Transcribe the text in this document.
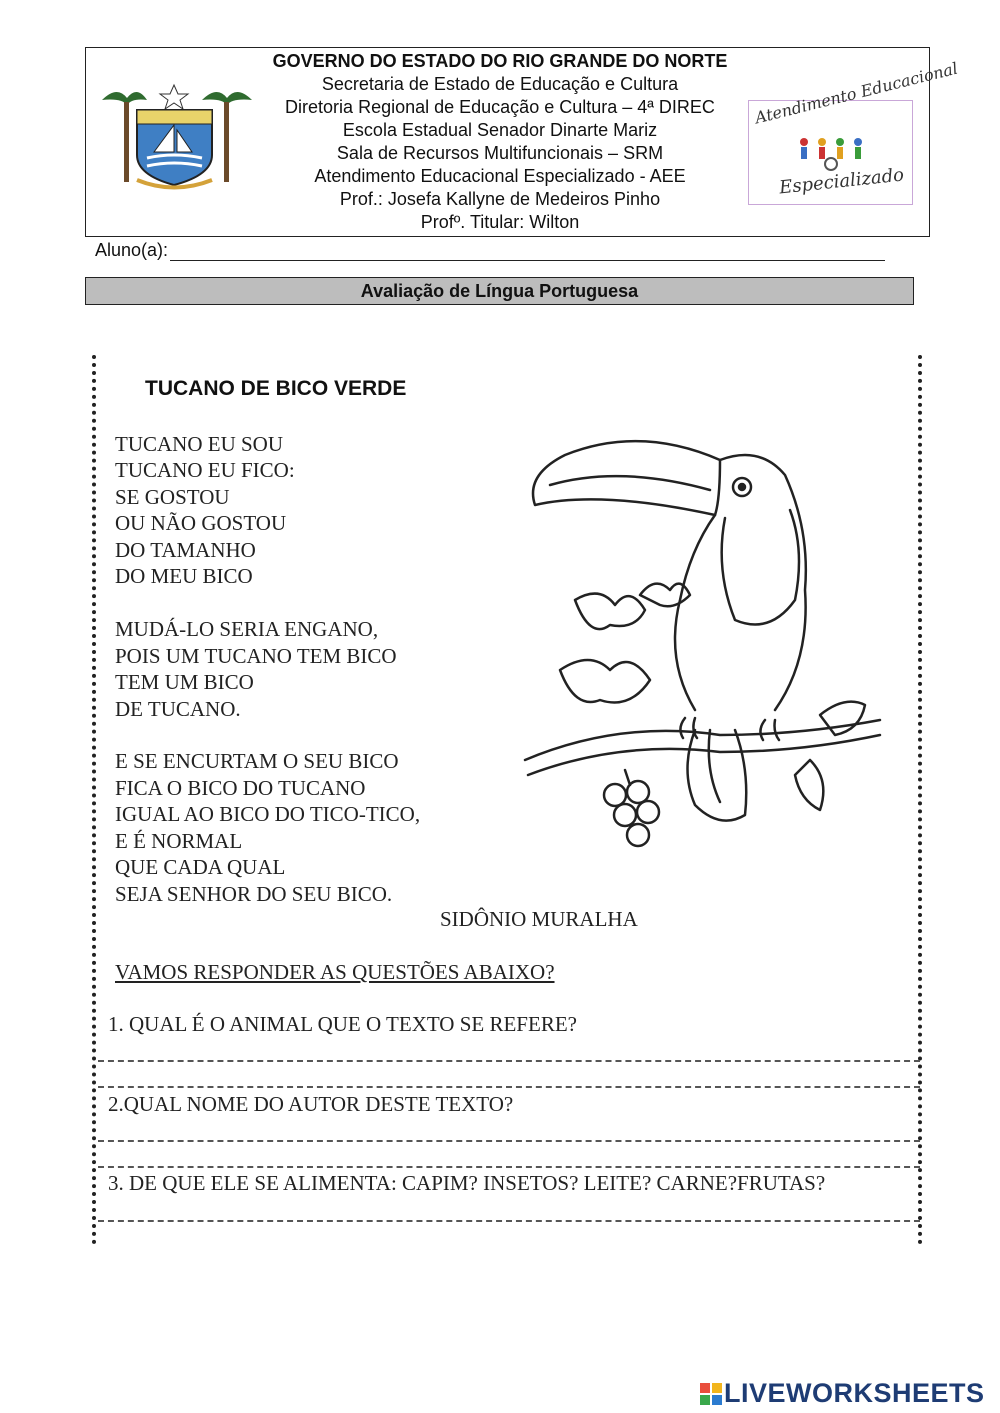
GOVERNO DO ESTADO DO RIO GRANDE DO NORTE
Secretaria de Estado de Educação e Cultura
Diretoria Regional de Educação e Cultura – 4ª DIREC
Escola Estadual Senador Dinarte Mariz
Sala de Recursos Multifuncionais – SRM
Atendimento Educacional Especializado - AEE
Prof.: Josefa Kallyne de Medeiros Pinho
Profº. Titular: Wilton
Atendimento Educacional
Especializado
Aluno(a):
Avaliação de Língua Portuguesa
TUCANO DE BICO VERDE
TUCANO EU SOU
TUCANO EU FICO:
SE GOSTOU
OU NÃO GOSTOU
DO TAMANHO
DO MEU BICO
MUDÁ-LO SERIA ENGANO,
POIS UM TUCANO TEM BICO
TEM UM BICO
DE TUCANO.
E SE ENCURTAM O SEU BICO
FICA O BICO DO TUCANO
IGUAL AO BICO DO TICO-TICO,
E É NORMAL
QUE CADA QUAL
SEJA SENHOR DO SEU BICO.
SIDÔNIO MURALHA
VAMOS RESPONDER AS QUESTÕES ABAIXO?
1. QUAL É O ANIMAL QUE O TEXTO SE REFERE?
2.QUAL NOME DO AUTOR DESTE TEXTO?
3. DE QUE ELE SE ALIMENTA: CAPIM? INSETOS? LEITE? CARNE?FRUTAS?
LIVEWORKSHEETS
